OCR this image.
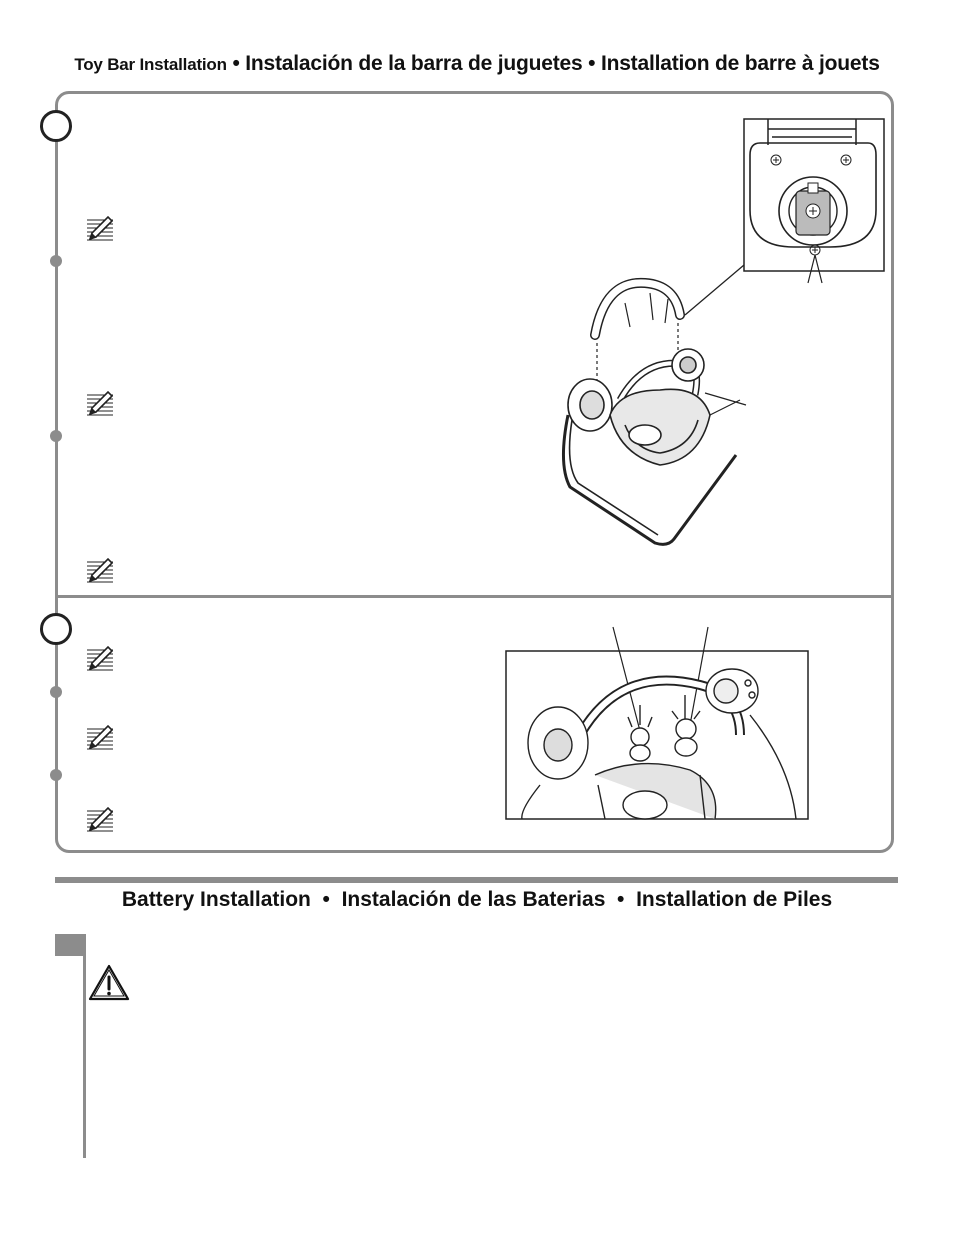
Toy Bar Installation • Instalación de la barra de juguetes • Installation de barre à jouets
Battery Installation  •  Instalación de las Baterias  •  Installation de Piles
